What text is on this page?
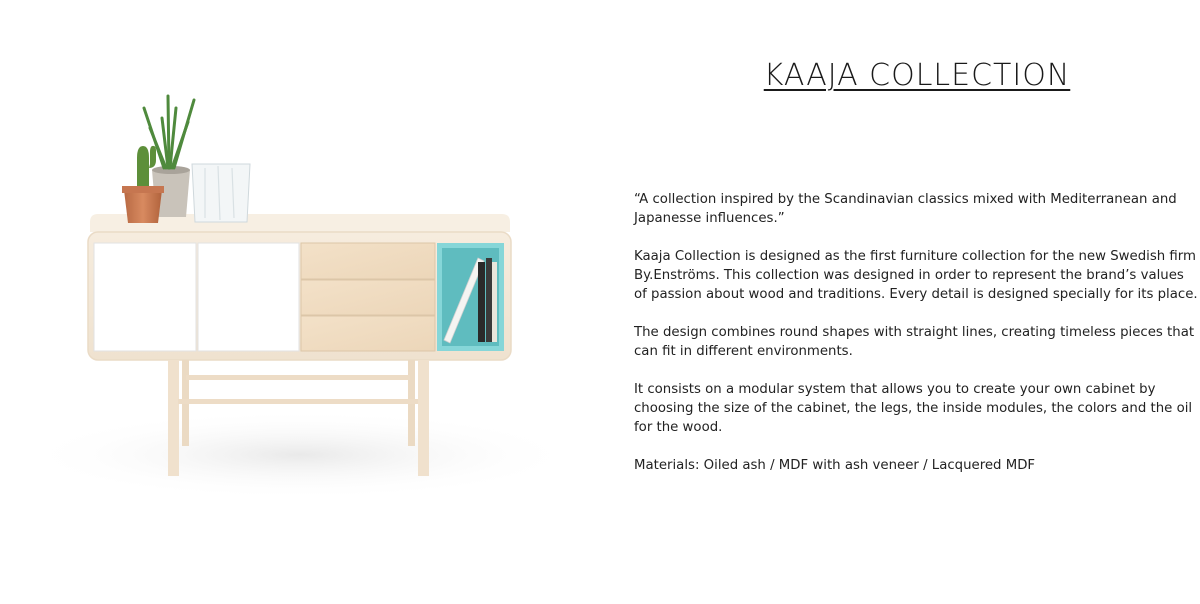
KAAJA COLLECTION

“A collection inspired by the Scandinavian classics mixed with Mediterranean and Japanesse influences.”

Kaaja Collection is designed as the first furniture collection for the new Swedish firm By.Enströms. This collection was designed in order to represent the brand’s values of passion about wood and traditions. Every detail is designed specially for its place.

The design combines round shapes with straight lines, creating timeless pieces that can fit in different environments.

It consists on a modular system that allows you to create your own cabinet by choosing the size of the cabinet, the legs, the inside modules, the colors and the oil for the wood.

Materials: Oiled ash / MDF with ash veneer / Lacquered MDF
